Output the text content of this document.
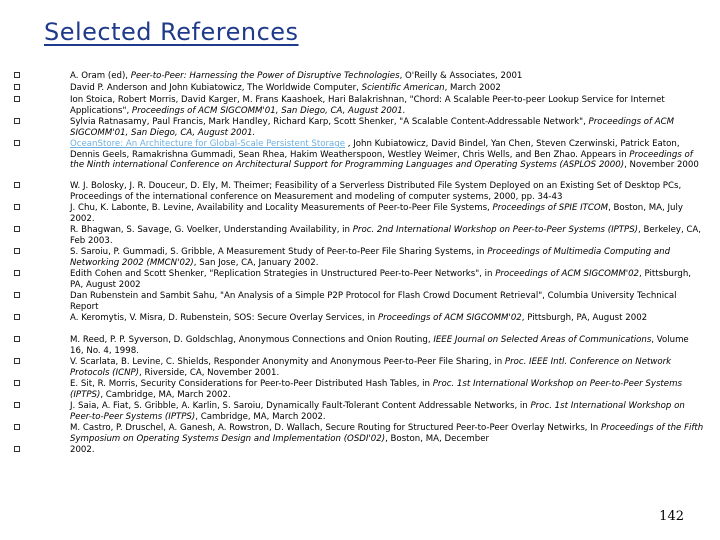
Selected References
A. Oram (ed), Peer-to-Peer: Harnessing the Power of Disruptive Technologies, O'Reilly & Associates, 2001
David P. Anderson and John Kubiatowicz, The Worldwide Computer, Scientific American, March 2002
Ion Stoica, Robert Morris, David Karger, M. Frans Kaashoek, Hari Balakrishnan, "Chord: A Scalable Peer-to-peer Lookup Service for Internet Applications", Proceedings of ACM SIGCOMM'01, San Diego, CA, August 2001.
Sylvia Ratnasamy, Paul Francis, Mark Handley, Richard Karp, Scott Shenker, "A Scalable Content-Addressable Network", Proceedings of ACM SIGCOMM'01, San Diego, CA, August 2001.
OceanStore: An Architecture for Global-Scale Persistent Storage , John Kubiatowicz, David Bindel, Yan Chen, Steven Czerwinski, Patrick Eaton, Dennis Geels, Ramakrishna Gummadi, Sean Rhea, Hakim Weatherspoon, Westley Weimer, Chris Wells, and Ben Zhao. Appears in Proceedings of the Ninth international Conference on Architectural Support for Programming Languages and Operating Systems (ASPLOS 2000), November 2000
W. J. Bolosky, J. R. Douceur, D. Ely, M. Theimer; Feasibility of a Serverless Distributed File System Deployed on an Existing Set of Desktop PCs, Proceedings of the international conference on Measurement and modeling of computer systems, 2000, pp. 34-43
J. Chu, K. Labonte, B. Levine, Availability and Locality Measurements of Peer-to-Peer File Systems, Proceedings of SPIE ITCOM, Boston, MA, July 2002.
R. Bhagwan, S. Savage, G. Voelker, Understanding Availability, in Proc. 2nd International Workshop on Peer-to-Peer Systems (IPTPS), Berkeley, CA, Feb 2003.
S. Saroiu, P. Gummadi, S. Gribble, A Measurement Study of Peer-to-Peer File Sharing Systems, in Proceedings of Multimedia Computing and Networking 2002 (MMCN'02), San Jose, CA, January 2002.
Edith Cohen and Scott Shenker, "Replication Strategies in Unstructured Peer-to-Peer Networks", in Proceedings of ACM SIGCOMM'02, Pittsburgh, PA, August 2002
Dan Rubenstein and Sambit Sahu, "An Analysis of a Simple P2P Protocol for Flash Crowd Document Retrieval", Columbia University Technical Report
A. Keromytis, V. Misra, D. Rubenstein, SOS: Secure Overlay Services, in Proceedings of ACM SIGCOMM'02, Pittsburgh, PA, August 2002
M. Reed, P. P. Syverson, D. Goldschlag, Anonymous Connections and Onion Routing, IEEE Journal on Selected Areas of Communications, Volume 16, No. 4, 1998.
V. Scarlata, B. Levine, C. Shields, Responder Anonymity and Anonymous Peer-to-Peer File Sharing, in Proc. IEEE Intl. Conference on Network Protocols (ICNP), Riverside, CA, November 2001.
E. Sit, R. Morris, Security Considerations for Peer-to-Peer Distributed Hash Tables, in Proc. 1st International Workshop on Peer-to-Peer Systems (IPTPS), Cambridge, MA, March 2002.
J. Saia, A. Fiat, S. Gribble, A. Karlin, S. Saroiu, Dynamically Fault-Tolerant Content Addressable Networks, in Proc. 1st International Workshop on Peer-to-Peer Systems (IPTPS), Cambridge, MA, March 2002.
M. Castro, P. Druschel, A. Ganesh, A. Rowstron, D. Wallach, Secure Routing for Structured Peer-to-Peer Overlay Netwirks, In Proceedings of the Fifth Symposium on Operating Systems Design and Implementation (OSDI'02), Boston, MA, December
2002.
142
